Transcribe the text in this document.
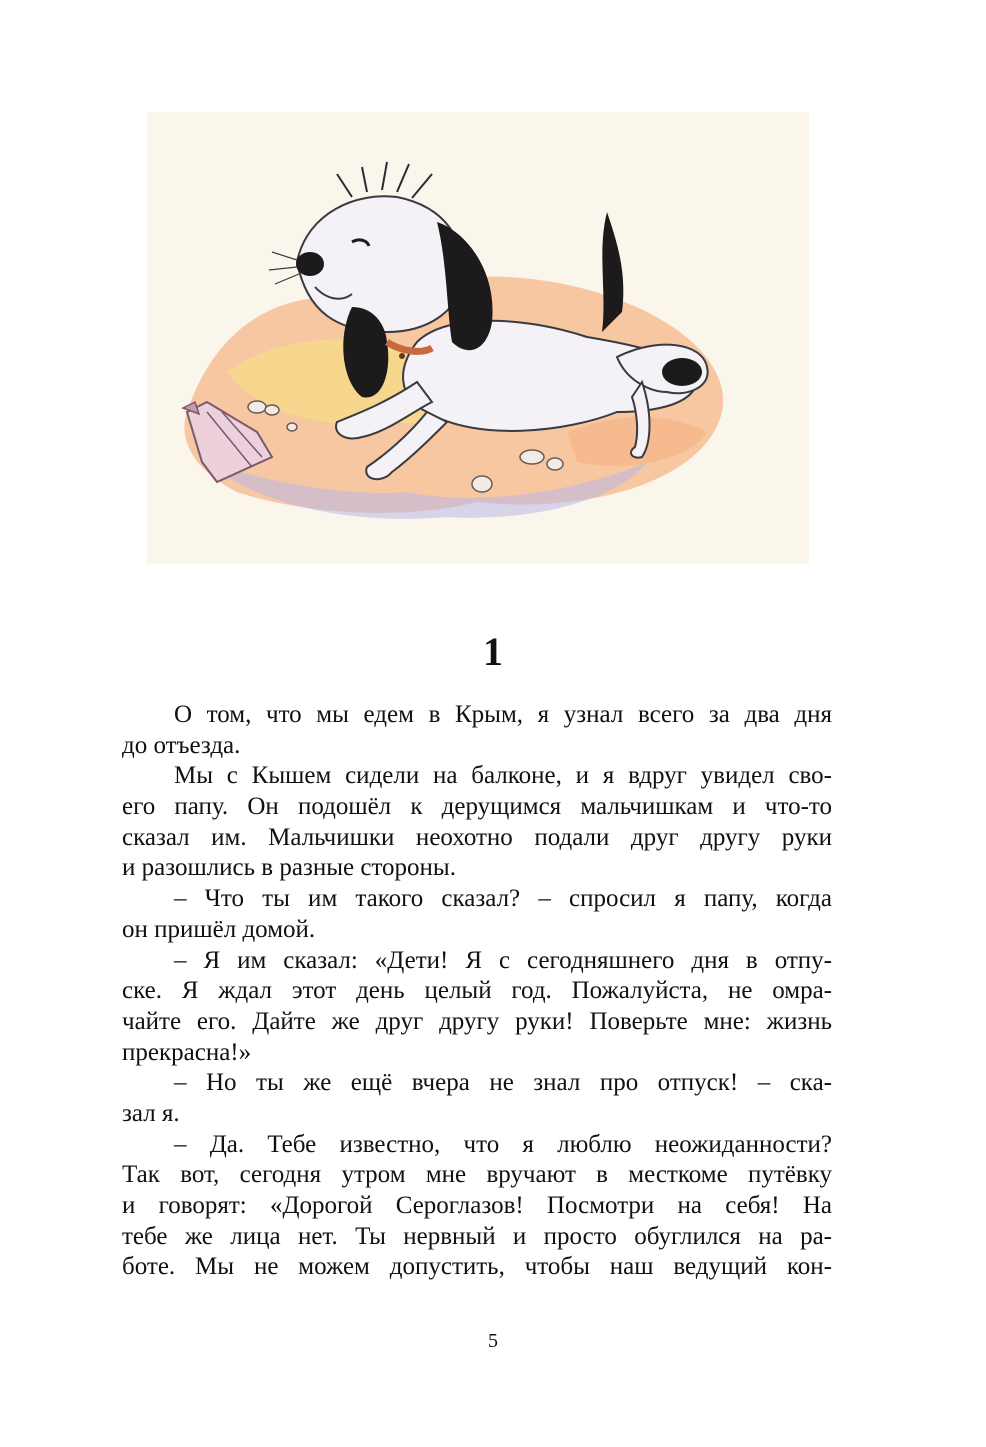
1
О том, что мы едем в Крым, я узнал всего за два дня
до отъезда.
Мы с Кышем сидели на балконе, и я вдруг увидел сво-
его папу. Он подошёл к дерущимся мальчишкам и что-то
сказал им. Мальчишки неохотно подали друг другу руки
и разошлись в разные стороны.
– Что ты им такого сказал? – спросил я папу, когда
он пришёл домой.
– Я им сказал: «Дети! Я с сегодняшнего дня в отпу-
ске. Я ждал этот день целый год. Пожалуйста, не омра-
чайте его. Дайте же друг другу руки! Поверьте мне: жизнь
прекрасна!»
– Но ты же ещё вчера не знал про отпуск! – ска-
зал я.
– Да. Тебе известно, что я люблю неожиданности?
Так вот, сегодня утром мне вручают в месткоме путёвку
и говорят: «Дорогой Сероглазов! Посмотри на себя! На
тебе же лица нет. Ты нервный и просто обуглился на ра-
боте. Мы не можем допустить, чтобы наш ведущий кон-
5
